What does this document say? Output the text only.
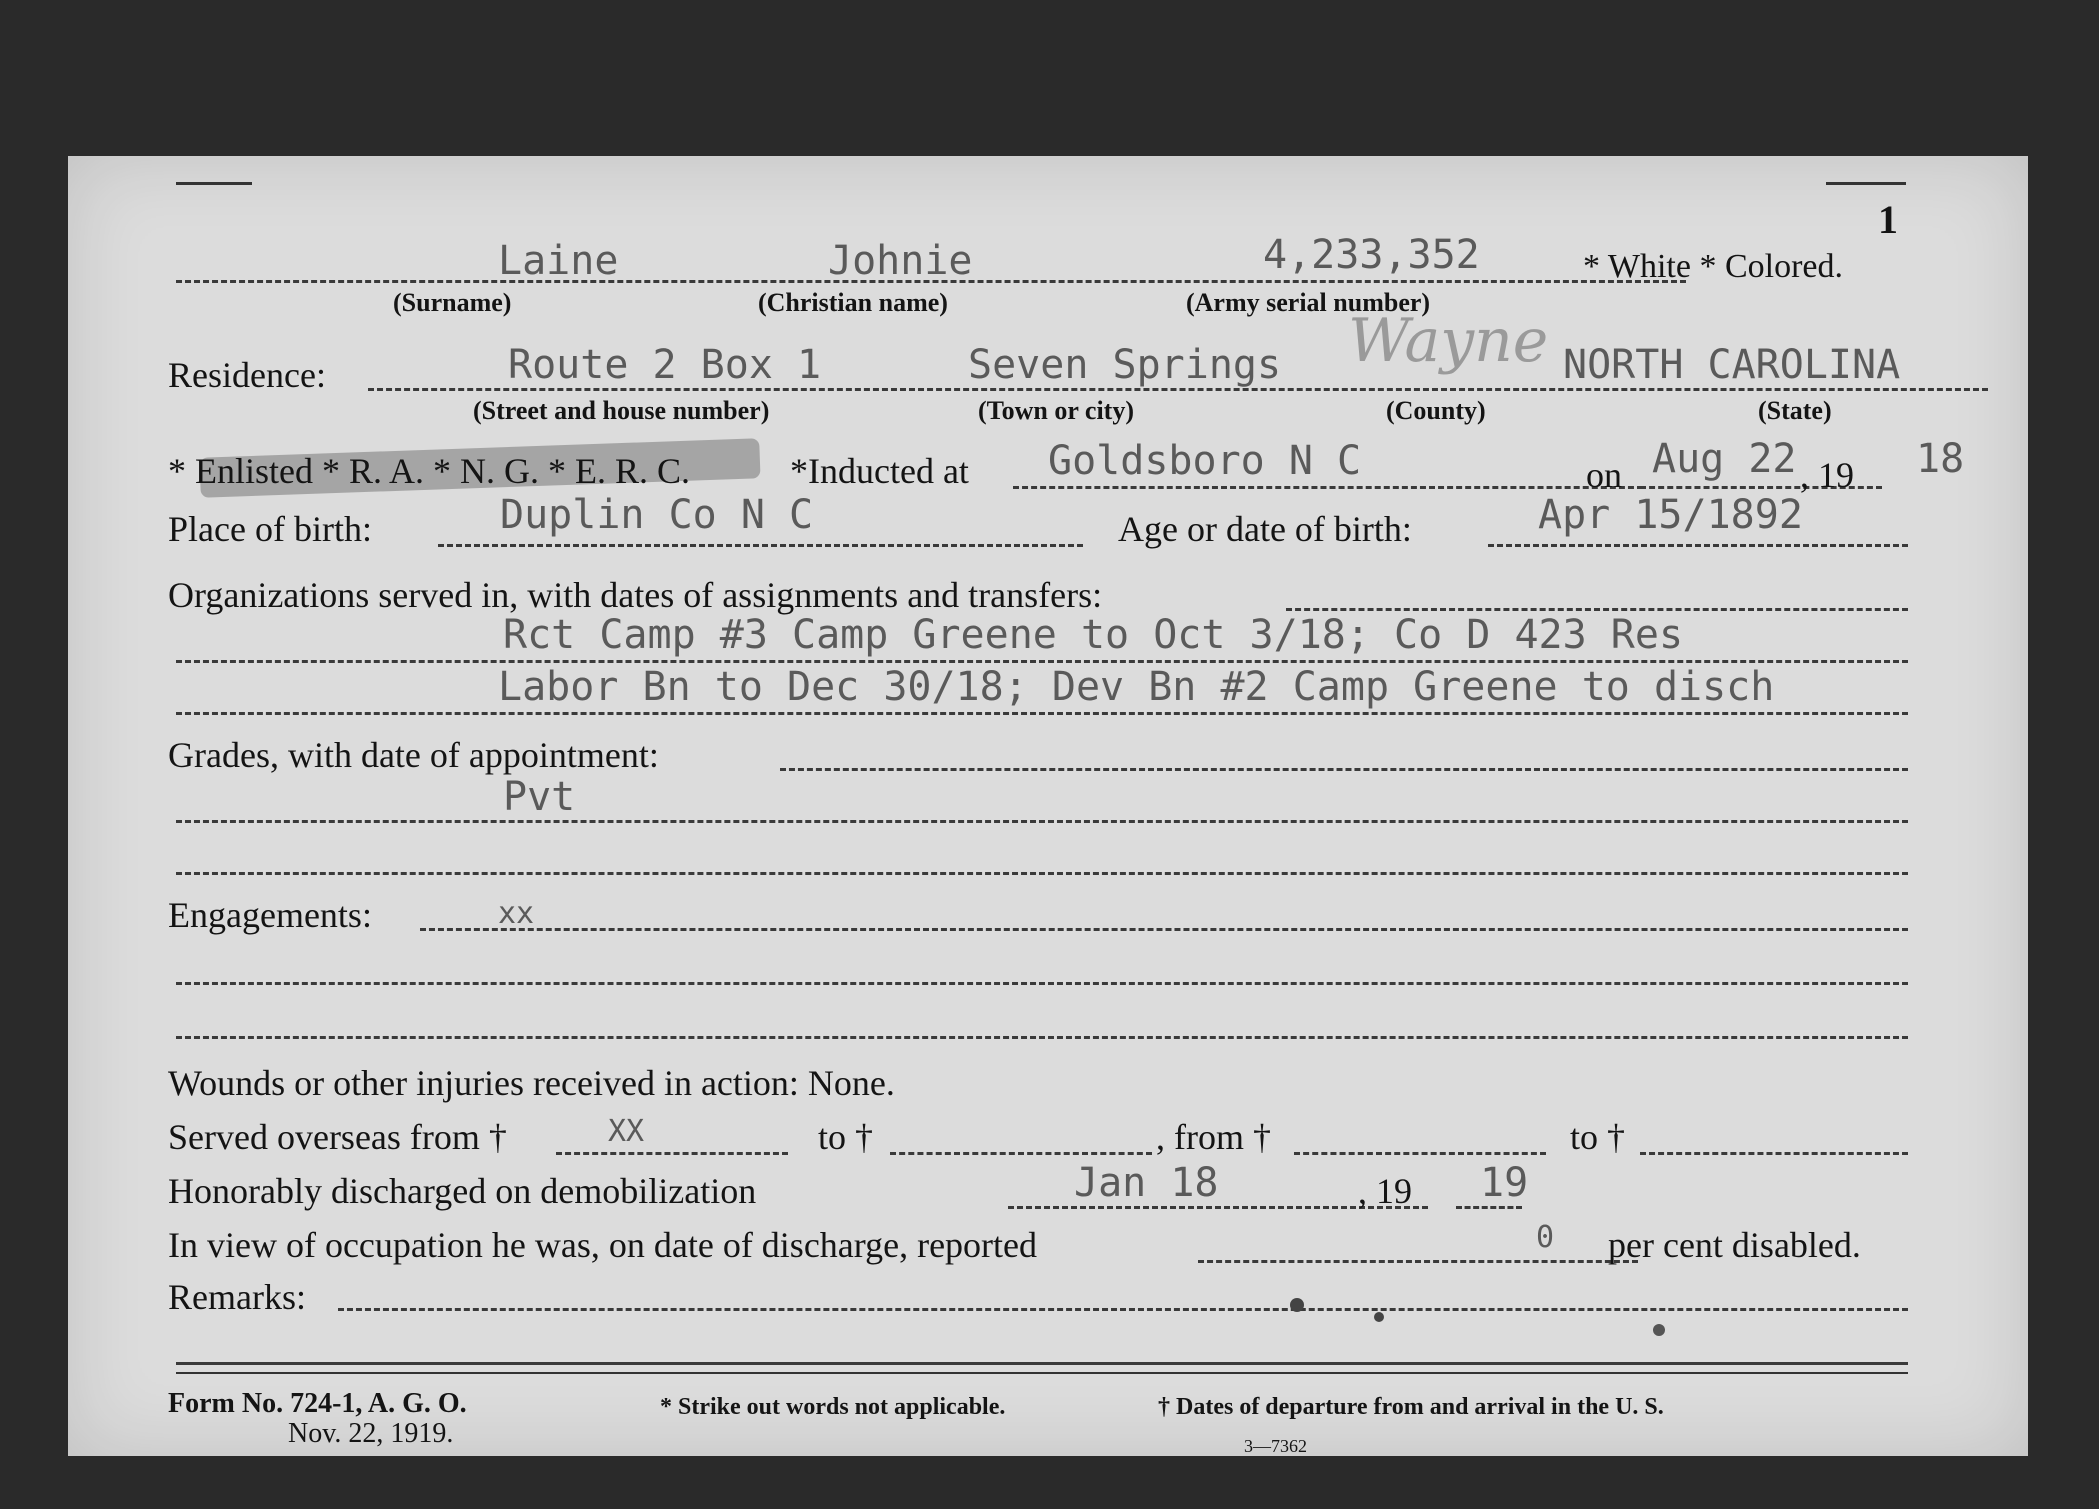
1
Laine	Johnie	4,233,352	* White * Colored.
(Surname)	(Christian name)	(Army serial number)
Residence:	Route 2 Box 1	Seven Springs Wayne NORTH CAROLINA
(Street and house number)	(Town or city)	(County)	(State)
* Enlisted * R. A. * N. G. * E. R. C.	*Inducted at Goldsboro N C	on Aug 22 , 19 18
Place of birth:	Duplin Co N C	Age or date of birth:	Apr 15/1892
Organizations served in, with dates of assignments and transfers:
Rct Camp #3 Camp Greene to Oct 3/18; Co D 423 Res
Labor Bn to Dec 30/18; Dev Bn #2 Camp Greene to disch
Grades, with date of appointment:
Pvt
Engagements:	xx
Wounds or other injuries received in action: None.
Served overseas from †	XX	to †	, from †	to †
Honorably discharged on demobilization	Jan 18	, 19 19
In view of occupation he was, on date of discharge, reported	0 per cent disabled.
Remarks:
Form No. 724-1, A. G. O.
Nov. 22, 1919.
* Strike out words not applicable.	† Dates of departure from and arrival in the U. S.
3—7362
